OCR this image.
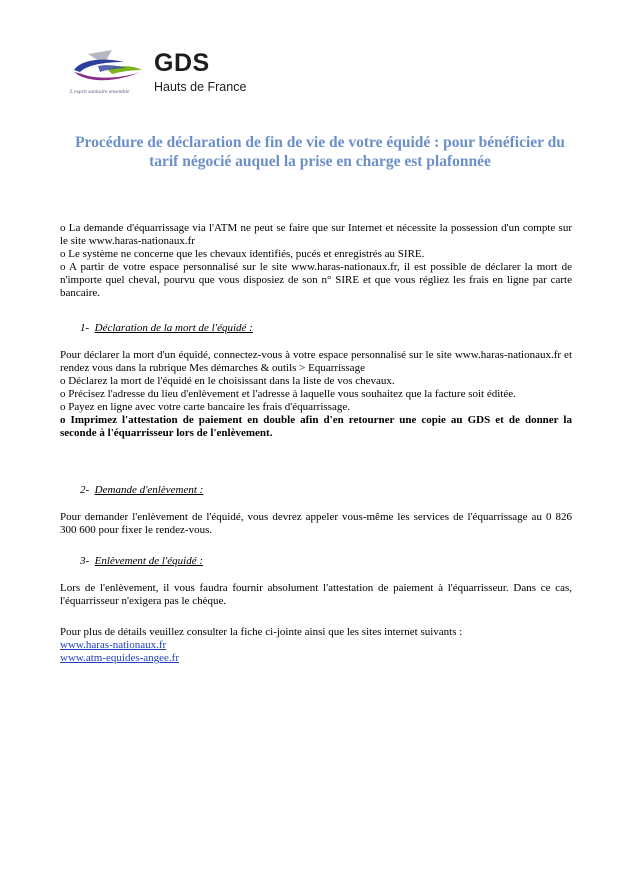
GDS
Hauts de France
L'esprit sanitaire ensemble
Procédure de déclaration de fin de vie de votre équidé : pour bénéficier du tarif négocié auquel la prise en charge est plafonnée

o La demande d'équarrissage via l'ATM ne peut se faire que sur Internet et nécessite la possession d'un compte sur le site www.haras-nationaux.fr

o Le système ne concerne que les chevaux identifiés, pucés et enregistrés au SIRE.

o A partir de votre espace personnalisé sur le site www.haras-nationaux.fr, il est possible de déclarer la mort de n'importe quel cheval, pourvu que vous disposiez de son n° SIRE et que vous régliez les frais en ligne par carte bancaire.

1- Déclaration de la mort de l'équidé :

Pour déclarer la mort d'un équidé, connectez-vous à votre espace personnalisé sur le site www.haras-nationaux.fr et rendez vous dans la rubrique Mes démarches & outils > Equarrissage

o Déclarez la mort de l'équidé en le choisissant dans la liste de vos chevaux.

o Précisez l'adresse du lieu d'enlèvement et l'adresse à laquelle vous souhaitez que la facture soit éditée.

o Payez en ligne avec votre carte bancaire les frais d'équarrissage.

o Imprimez l'attestation de paiement en double afin d'en retourner une copie au GDS et de donner la seconde à l'équarrisseur lors de l'enlèvement.

2- Demande d'enlèvement :

Pour demander l'enlèvement de l'équidé, vous devrez appeler vous-même les services de l'équarrissage au 0 826 300 600 pour fixer le rendez-vous.

3- Enlèvement de l'équidé :

Lors de l'enlèvement, il vous faudra fournir absolument l'attestation de paiement à l'équarrisseur. Dans ce cas, l'équarrisseur n'exigera pas le chèque.

Pour plus de détails veuillez consulter la fiche ci-jointe ainsi que les sites internet suivants :

www.haras-nationaux.fr
www.atm-equides-angee.fr
